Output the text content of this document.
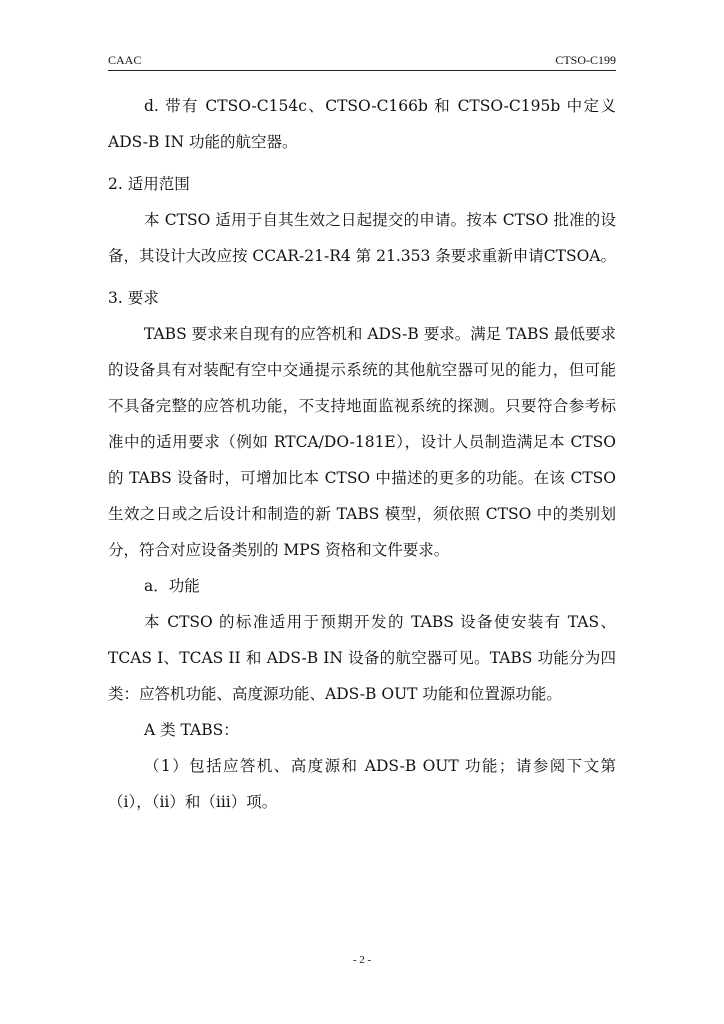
CAAC	CTSO-C199

d. 带有 CTSO-C154c、CTSO-C166b 和 CTSO-C195b 中定义ADS-B IN 功能的航空器。

2. 适用范围

本 CTSO 适用于自其生效之日起提交的申请。按本 CTSO 批准的设备，其设计大改应按 CCAR-21-R4 第 21.353 条要求重新申请CTSOA。

3. 要求

TABS 要求来自现有的应答机和 ADS-B 要求。满足 TABS 最低要求的设备具有对装配有空中交通提示系统的其他航空器可见的能力，但可能不具备完整的应答机功能，不支持地面监视系统的探测。只要符合参考标准中的适用要求（例如 RTCA/DO-181E），设计人员制造满足本 CTSO 的 TABS 设备时，可增加比本 CTSO 中描述的更多的功能。在该 CTSO 生效之日或之后设计和制造的新 TABS 模型，须依照 CTSO 中的类别划分，符合对应设备类别的 MPS 资格和文件要求。

a．功能

本 CTSO 的标准适用于预期开发的 TABS 设备使安装有 TAS、TCAS I、TCAS II 和 ADS-B IN 设备的航空器可见。TABS 功能分为四类：应答机功能、高度源功能、ADS-B OUT 功能和位置源功能。

A 类 TABS：

（1）包括应答机、高度源和 ADS-B OUT 功能；请参阅下文第（i），（ii）和（iii）项。

- 2 -
